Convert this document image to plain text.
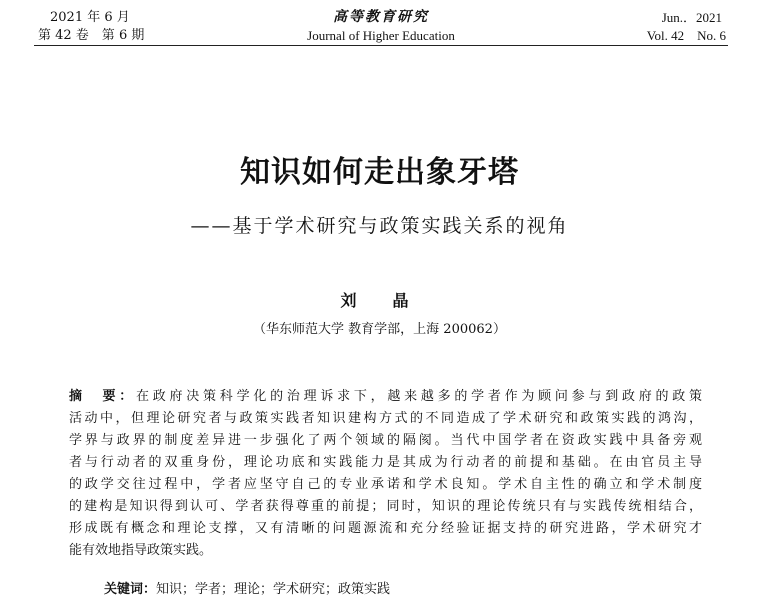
2021 年 6 月
第 42 卷　第 6 期
高等教育研究
Journal of Higher Education
Jun.．2021
Vol. 42　No. 6
知识如何走出象牙塔
——基于学术研究与政策实践关系的视角
刘　晶
（华东师范大学 教育学部，上海 200062）
摘　要：在政府决策科学化的治理诉求下，越来越多的学者作为顾问参与到政府的政策
活动中，但理论研究者与政策实践者知识建构方式的不同造成了学术研究和政策实践的鸿沟，
学界与政界的制度差异进一步强化了两个领域的隔阂。当代中国学者在资政实践中具备旁观
者与行动者的双重身份，理论功底和实践能力是其成为行动者的前提和基础。在由官员主导
的政学交往过程中，学者应坚守自己的专业承诺和学术良知。学术自主性的确立和学术制度
的建构是知识得到认可、学者获得尊重的前提；同时，知识的理论传统只有与实践传统相结合，
形成既有概念和理论支撑，又有清晰的问题源流和充分经验证据支持的研究进路，学术研究才
能有效地指导政策实践。
关键词：知识；学者；理论；学术研究；政策实践
